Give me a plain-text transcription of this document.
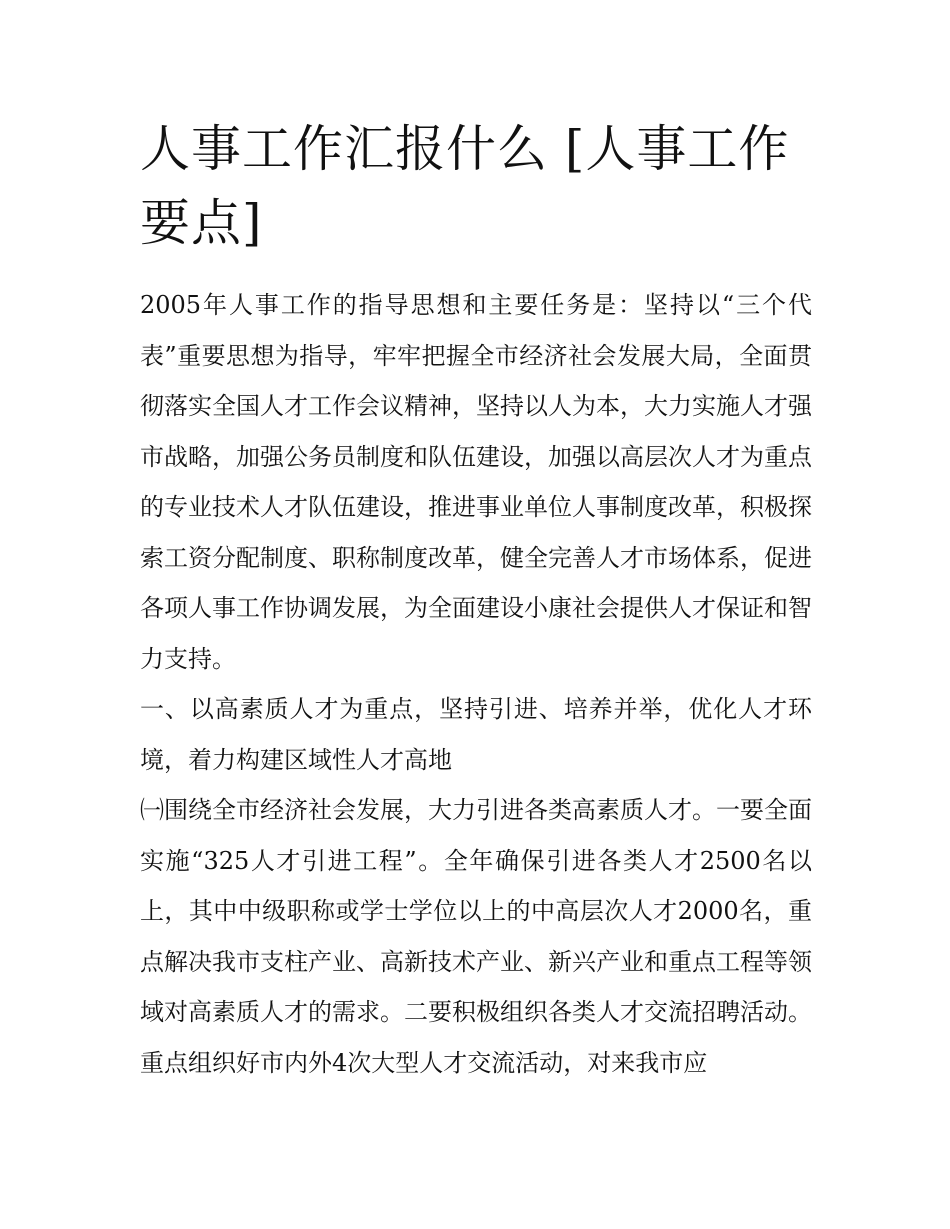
人事工作汇报什么 [人事工作要点]

2005年人事工作的指导思想和主要任务是：坚持以“三个代表”重要思想为指导，牢牢把握全市经济社会发展大局，全面贯彻落实全国人才工作会议精神，坚持以人为本，大力实施人才强市战略，加强公务员制度和队伍建设，加强以高层次人才为重点的专业技术人才队伍建设，推进事业单位人事制度改革，积极探索工资分配制度、职称制度改革，健全完善人才市场体系，促进各项人事工作协调发展，为全面建设小康社会提供人才保证和智力支持。

一、以高素质人才为重点，坚持引进、培养并举，优化人才环境，着力构建区域性人才高地

㈠围绕全市经济社会发展，大力引进各类高素质人才。一要全面实施“325人才引进工程”。全年确保引进各类人才2500名以上，其中中级职称或学士学位以上的中高层次人才2000名，重点解决我市支柱产业、高新技术产业、新兴产业和重点工程等领域对高素质人才的需求。二要积极组织各类人才交流招聘活动。重点组织好市内外4次大型人才交流活动，对来我市应
